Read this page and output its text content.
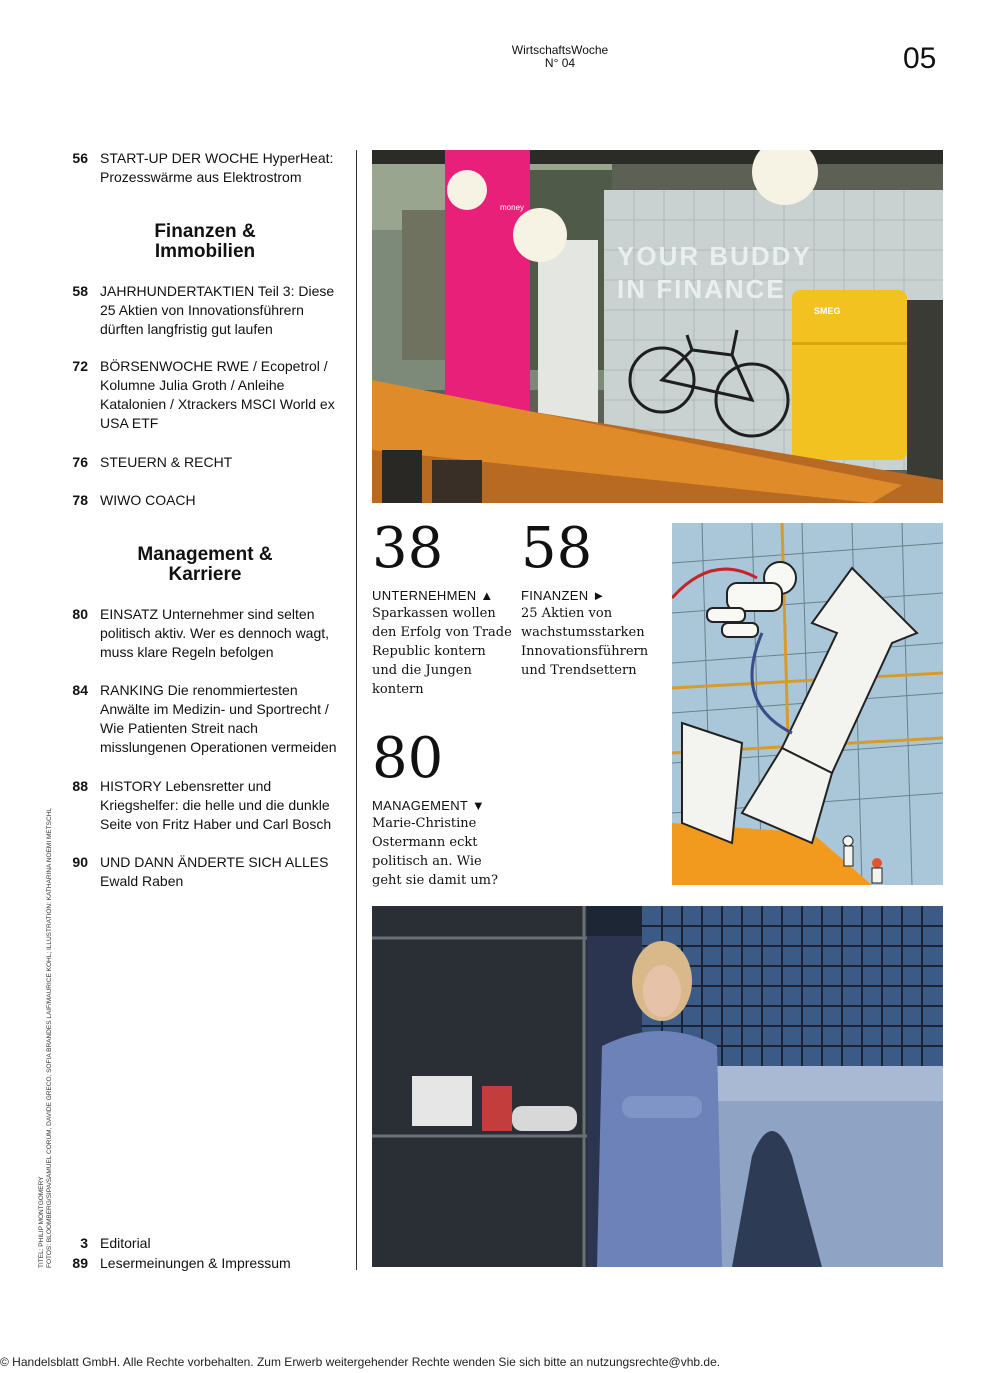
WirtschaftsWoche
N° 04	05
56 START-UP DER WOCHE HyperHeat: Prozesswärme aus Elektrostrom
Finanzen & Immobilien
58 JAHRHUNDERTAKTIEN Teil 3: Diese 25 Aktien von Innovationsführern dürften langfristig gut laufen
72 BÖRSENWOCHE RWE / Ecopetrol / Kolumne Julia Groth / Anleihe Katalonien / Xtrackers MSCI World ex USA ETF
76 STEUERN & RECHT
78 WIWO COACH
Management & Karriere
80 EINSATZ Unternehmer sind selten politisch aktiv. Wer es dennoch wagt, muss klare Regeln befolgen
84 RANKING Die renommiertesten Anwälte im Medizin- und Sportrecht / Wie Patienten Streit nach misslungenen Operationen vermeiden
88 HISTORY Lebensretter und Kriegshelfer: die helle und die dunkle Seite von Fritz Haber und Carl Bosch
90 UND DANN ÄNDERTE SICH ALLES Ewald Raben
3 Editorial
89 Lesermeinungen & Impressum
TITEL: PHILIP MONTGOMERY FOTOS: BLOOMBERG/SIPA/SAMUEL CORUM, DAVIDE GRECO, SOFIA BRANDES LAIF/MAURICE KOHL; ILLUSTRATION: KATHARINA NOEMI METSCHL
YOUR BUDDY
IN FINANCE
money
SMEG
38
UNTERNEHMEN ▲
Sparkassen wollen den Erfolg von Trade Republic kontern und die Jungen kontern
58
FINANZEN ►
25 Aktien von wachstumsstarken Innovationsführern und Trendsettern
80
MANAGEMENT ▼
Marie-Christine Ostermann eckt politisch an. Wie geht sie damit um?
© Handelsblatt GmbH. Alle Rechte vorbehalten. Zum Erwerb weitergehender Rechte wenden Sie sich bitte an nutzungsrechte@vhb.de.
